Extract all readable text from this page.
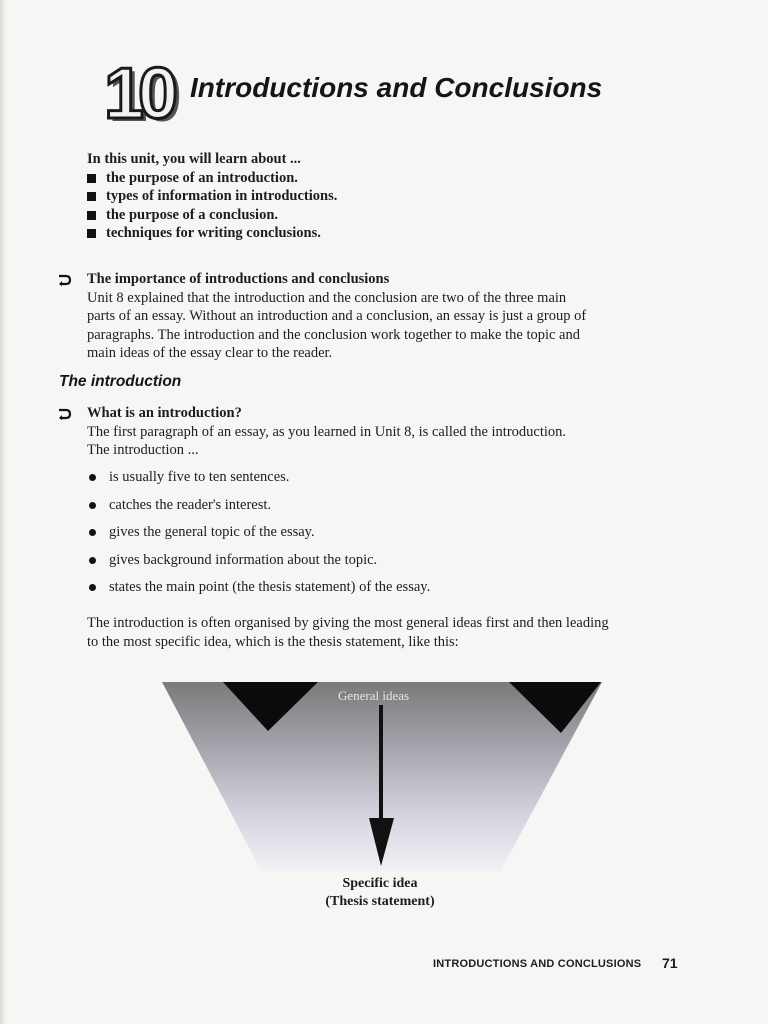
10 Introductions and Conclusions
In this unit, you will learn about ...
the purpose of an introduction.
types of information in introductions.
the purpose of a conclusion.
techniques for writing conclusions.
The importance of introductions and conclusions
Unit 8 explained that the introduction and the conclusion are two of the three main
parts of an essay. Without an introduction and a conclusion, an essay is just a group of
paragraphs. The introduction and the conclusion work together to make the topic and
main ideas of the essay clear to the reader.
The introduction
What is an introduction?
The first paragraph of an essay, as you learned in Unit 8, is called the introduction.
The introduction ...
is usually five to ten sentences.
catches the reader's interest.
gives the general topic of the essay.
gives background information about the topic.
states the main point (the thesis statement) of the essay.
The introduction is often organised by giving the most general ideas first and then leading
to the most specific idea, which is the thesis statement, like this:
General ideas
Specific idea
(Thesis statement)
INTRODUCTIONS AND CONCLUSIONS 71
